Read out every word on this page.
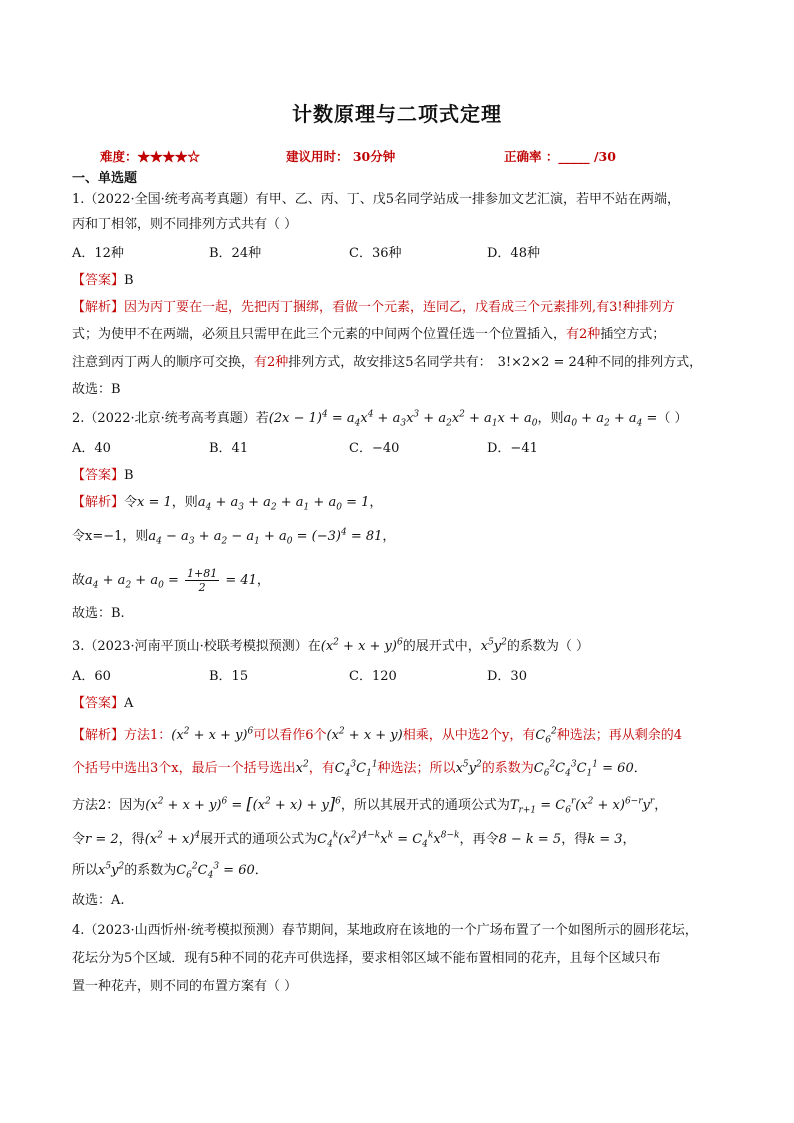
计数原理与二项式定理
难度：★★★★☆	建议用时： 30分钟	正确率 ：_____ /30
一、单选题
1.（2022·全国·统考高考真题）有甲、乙、丙、丁、戊5名同学站成一排参加文艺汇演，若甲不站在两端，
丙和丁相邻，则不同排列方式共有（ ）
A．12种	B．24种	C．36种	D．48种
【答案】B
【解析】因为丙丁要在一起，先把丙丁捆绑，看做一个元素，连同乙，戊看成三个元素排列,有3!种排列方
式；为使甲不在两端，必须且只需甲在此三个元素的中间两个位置任选一个位置插入，有2种插空方式；
注意到丙丁两人的顺序可交换，有2种排列方式，故安排这5名同学共有： 3!×2×2 = 24种不同的排列方式，
故选：B
2.（2022·北京·统考高考真题）若$(2x - 1)^4 = a_4x^4 + a_3x^3 + a_2x^2 + a_1x + a_0$，则$a_0 + a_2 + a_4$ =（ ）
A．40	B．41	C．−40	D．−41
【答案】B
【解析】令x = 1，则$a_4 + a_3 + a_2 + a_1 + a_0 = 1$，
令x=−1，则$a_4 - a_3 + a_2 - a_1 + a_0 = (-3)^4 = 81$，
故$a_4 + a_2 + a_0 = \frac{1+81}{2} = 41$，
故选：B.
3.（2023·河南平顶山·校联考模拟预测）在$(x^2 + x + y)^6$的展开式中，$x^5y^2$的系数为（ ）
A．60	B．15	C．120	D．30
【答案】A
【解析】方法1：$(x^2 + x + y)^6$可以看作6个$(x^2 + x + y)$相乘，从中选2个y，有$C_6^2$种选法；再从剩余的4
个括号中选出3个x，最后一个括号选出$x^2$，有$C_4^3C_1^1$种选法；所以$x^5y^2$的系数为$C_6^2C_4^3C_1^1 = 60$．
方法2：因为$(x^2 + x + y)^6 = [(x^2 + x) + y]^6$，所以其展开式的通项公式为$T_{r+1} = C_6^r(x^2 + x)^{6-r}y^r$，
令r = 2，得$(x^2 + x)^4$展开式的通项公式为$C_4^k(x^2)^{4-k}x^k = C_4^kx^{8-k}$，再令8 − k = 5，得k = 3，
所以$x^5y^2$的系数为$C_6^2C_4^3 = 60$．
故选：A.
4.（2023·山西忻州·统考模拟预测）春节期间，某地政府在该地的一个广场布置了一个如图所示的圆形花坛，
花坛分为5个区域．现有5种不同的花卉可供选择，要求相邻区域不能布置相同的花卉，且每个区域只布
置一种花卉，则不同的布置方案有（ ）
